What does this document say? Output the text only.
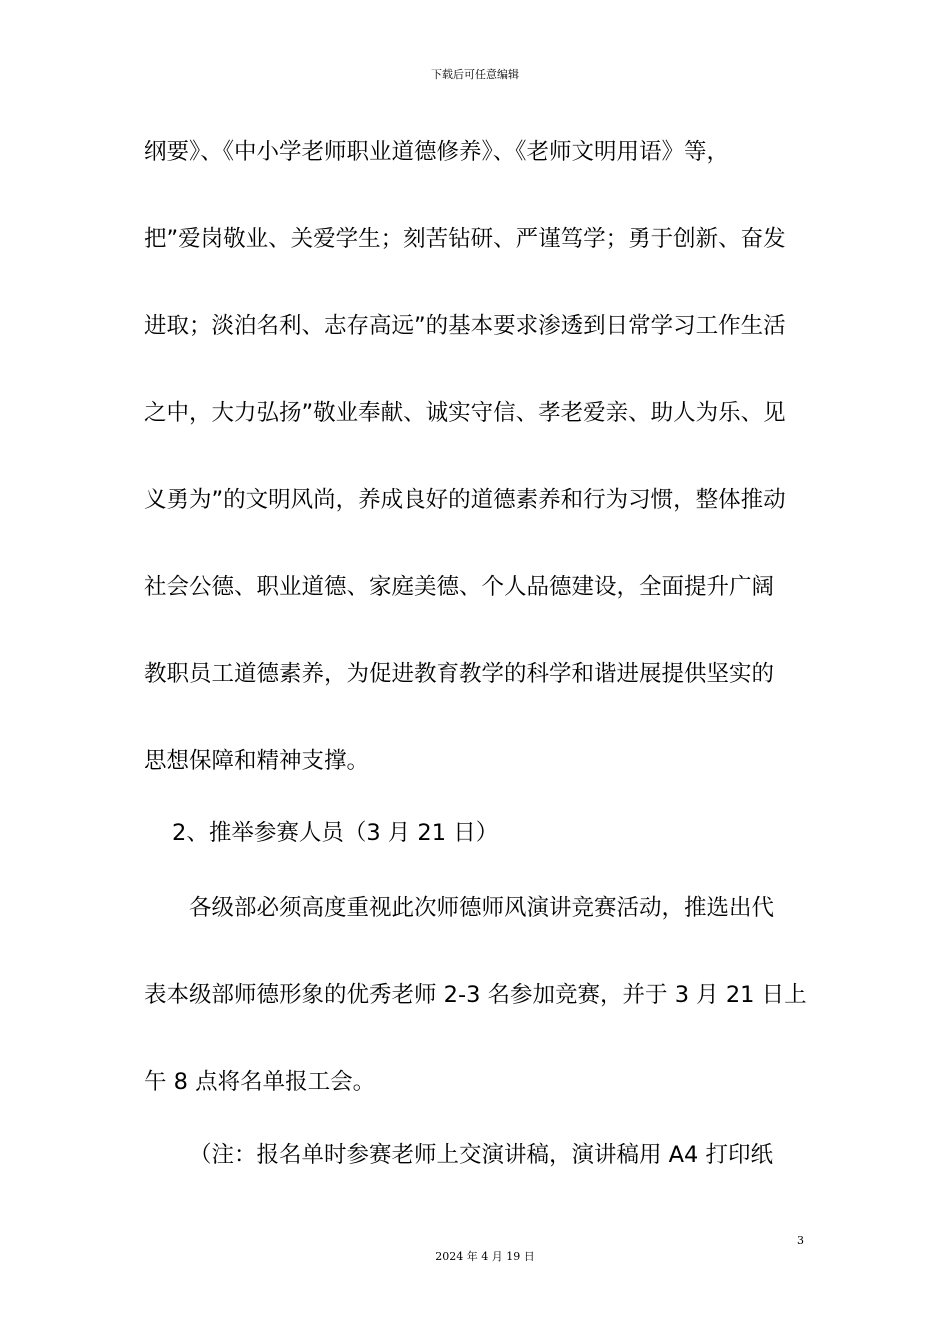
下载后可任意编辑
纲要》、《中小学老师职业道德修养》、《老师文明用语》等，
把”爱岗敬业、关爱学生；刻苦钻研、严谨笃学；勇于创新、奋发
进取；淡泊名利、志存高远”的基本要求渗透到日常学习工作生活
之中，大力弘扬”敬业奉献、诚实守信、孝老爱亲、助人为乐、见
义勇为”的文明风尚，养成良好的道德素养和行为习惯，整体推动
社会公德、职业道德、家庭美德、个人品德建设，全面提升广阔
教职员工道德素养，为促进教育教学的科学和谐进展提供坚实的
思想保障和精神支撑。
2、推举参赛人员（3 月 21 日）
各级部必须高度重视此次师德师风演讲竞赛活动，推选出代
表本级部师德形象的优秀老师 2-3 名参加竞赛，并于 3 月 21 日上
午 8 点将名单报工会。
（注：报名单时参赛老师上交演讲稿，演讲稿用 A4 打印纸
3
2024 年 4 月 19 日
